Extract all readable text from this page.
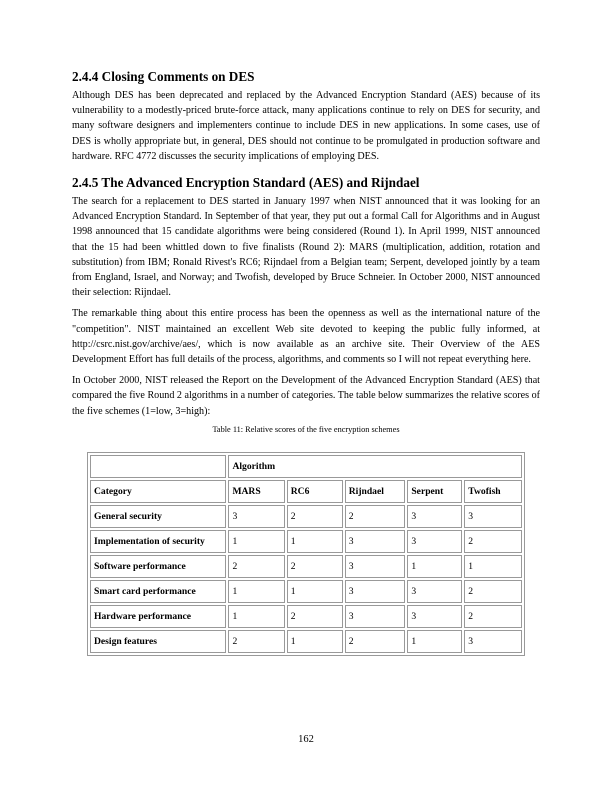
2.4.4 Closing Comments on DES

Although DES has been deprecated and replaced by the Advanced Encryption Standard (AES) because of its vulnerability to a modestly-priced brute-force attack, many applications continue to rely on DES for security, and many software designers and implementers continue to include DES in new applications. In some cases, use of DES is wholly appropriate but, in general, DES should not continue to be promulgated in production software and hardware. RFC 4772 discusses the security implications of employing DES.

2.4.5 The Advanced Encryption Standard (AES) and Rijndael

The search for a replacement to DES started in January 1997 when NIST announced that it was looking for an Advanced Encryption Standard. In September of that year, they put out a formal Call for Algorithms and in August 1998 announced that 15 candidate algorithms were being considered (Round 1). In April 1999, NIST announced that the 15 had been whittled down to five finalists (Round 2): MARS (multiplication, addition, rotation and substitution) from IBM; Ronald Rivest's RC6; Rijndael from a Belgian team; Serpent, developed jointly by a team from England, Israel, and Norway; and Twofish, developed by Bruce Schneier. In October 2000, NIST announced their selection: Rijndael.

The remarkable thing about this entire process has been the openness as well as the international nature of the "competition". NIST maintained an excellent Web site devoted to keeping the public fully informed, at http://csrc.nist.gov/archive/aes/, which is now available as an archive site. Their Overview of the AES Development Effort has full details of the process, algorithms, and comments so I will not repeat everything here.

In October 2000, NIST released the Report on the Development of the Advanced Encryption Standard (AES) that compared the five Round 2 algorithms in a number of categories. The table below summarizes the relative scores of the five schemes (1=low, 3=high):

Table 11: Relative scores of the five encryption schemes
	Algorithm				
Category	MARS	RC6	Rijndael	Serpent	Twofish
General security	3	2	2	3	3
Implementation of security	1	1	3	3	2
Software performance	2	2	3	1	1
Smart card performance	1	1	3	3	2
Hardware performance	1	2	3	3	2
Design features	2	1	2	1	3
162
